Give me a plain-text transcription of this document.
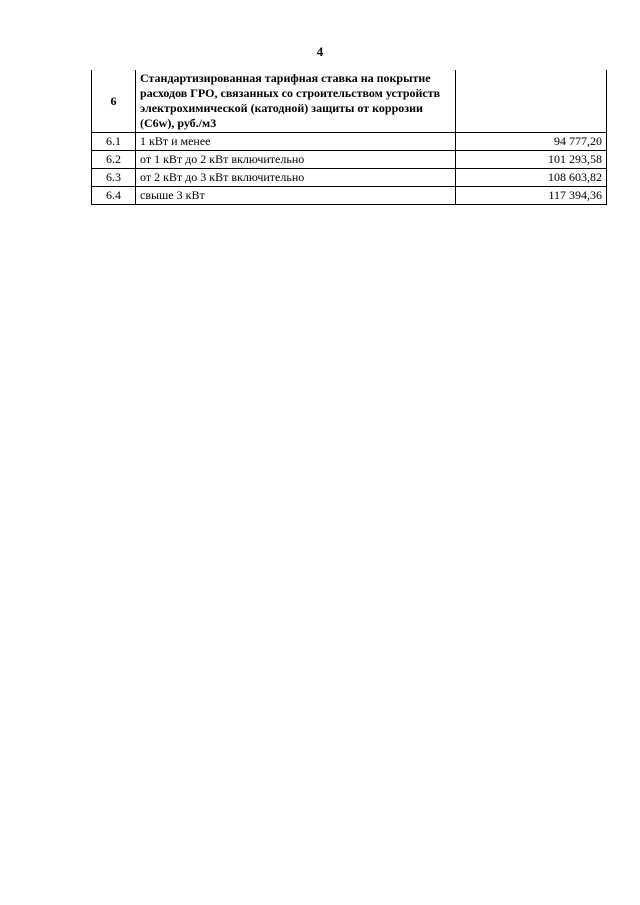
4
6	Стандартизированная тарифная ставка на покрытие расходов ГРО, связанных со строительством устройств электрохимической (катодной) защиты от коррозии (С6w), руб./м3	
6.1	1 кВт и менее	94 777,20
6.2	от 1 кВт до 2 кВт включительно	101 293,58
6.3	от 2 кВт до 3 кВт включительно	108 603,82
6.4	свыше 3 кВт	117 394,36
